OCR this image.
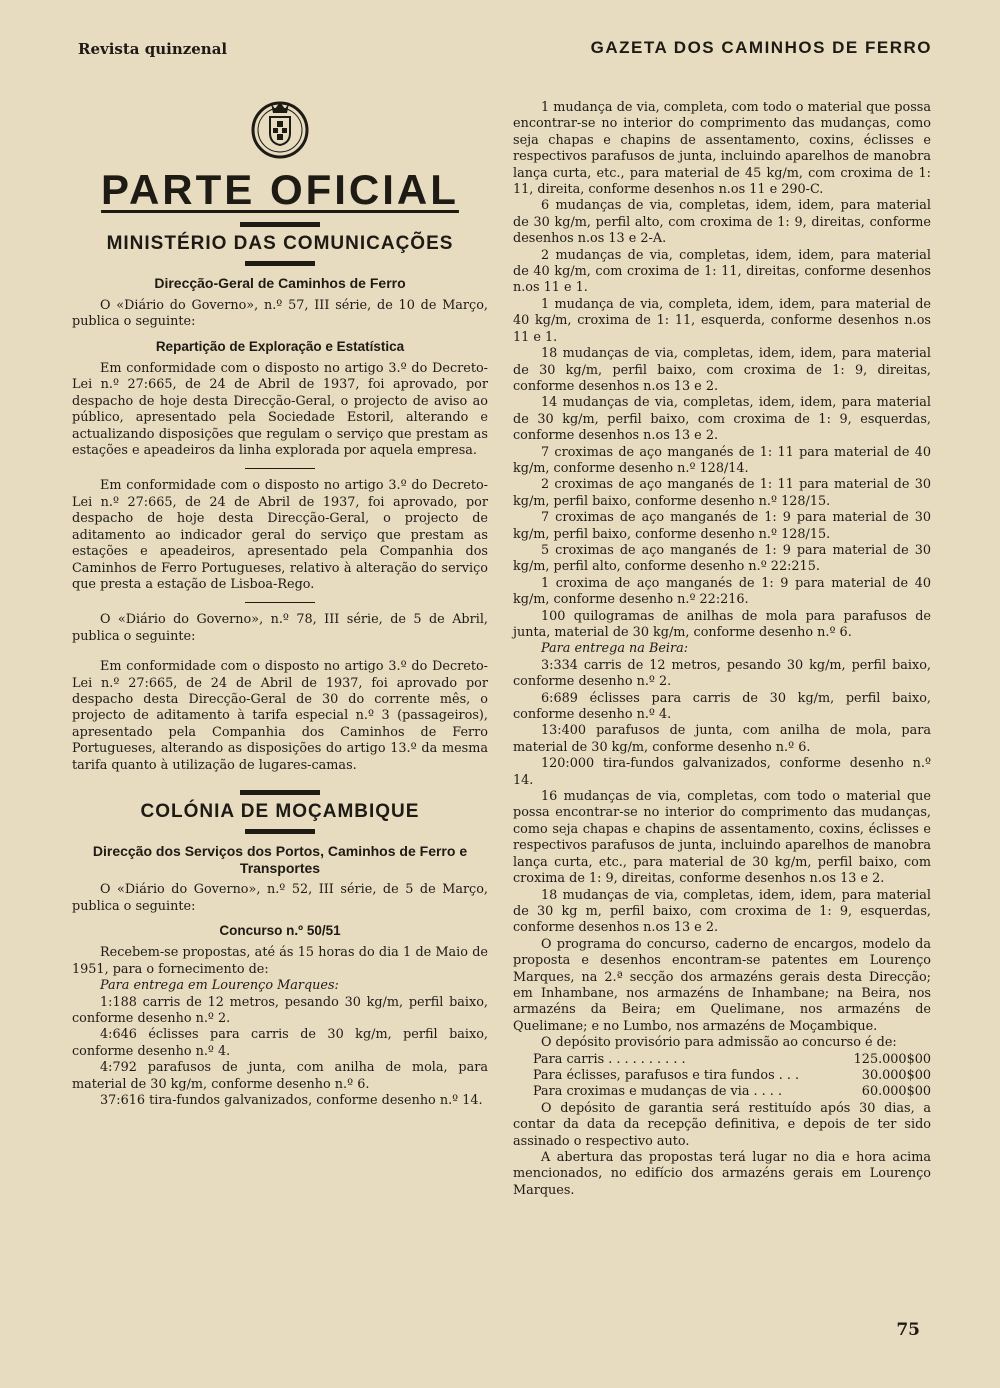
Revista quinzenal	GAZETA DOS CAMINHOS DE FERRO
PARTE OFICIAL
MINISTÉRIO DAS COMUNICAÇÕES
Direcção-Geral de Caminhos de Ferro

O «Diário do Governo», n.º 57, III série, de 10 de Março, publica o seguinte:

Repartição de Exploração e Estatística

Em conformidade com o disposto no artigo 3.º do Decreto-Lei n.º 27:665, de 24 de Abril de 1937, foi aprovado, por despacho de hoje desta Direcção-Geral, o projecto de aviso ao público, apresentado pela Sociedade Estoril, alterando e actualizando disposições que regulam o serviço que prestam as estações e apeadeiros da linha explorada por aquela empresa.

Em conformidade com o disposto no artigo 3.º do Decreto-Lei n.º 27:665, de 24 de Abril de 1937, foi aprovado, por despacho de hoje desta Direcção-Geral, o projecto de aditamento ao indicador geral do serviço que prestam as estações e apeadeiros, apresentado pela Companhia dos Caminhos de Ferro Portugueses, relativo à alteração do serviço que presta a estação de Lisboa-Rego.

O «Diário do Governo», n.º 78, III série, de 5 de Abril, publica o seguinte:

Em conformidade com o disposto no artigo 3.º do Decreto-Lei n.º 27:665, de 24 de Abril de 1937, foi aprovado por despacho desta Direcção-Geral de 30 do corrente mês, o projecto de aditamento à tarifa especial n.º 3 (passageiros), apresentado pela Companhia dos Caminhos de Ferro Portugueses, alterando as disposições do artigo 13.º da mesma tarifa quanto à utilização de lugares-camas.

COLÓNIA DE MOÇAMBIQUE
Direcção dos Serviços dos Portos, Caminhos de Ferro e Transportes

O «Diário do Governo», n.º 52, III série, de 5 de Março, publica o seguinte:

Concurso n.º 50/51

Recebem-se propostas, até ás 15 horas do dia 1 de Maio de 1951, para o fornecimento de:

Para entrega em Lourenço Marques:

1:188 carris de 12 metros, pesando 30 kg/m, perfil baixo, conforme desenho n.º 2.

4:646 éclisses para carris de 30 kg/m, perfil baixo, conforme desenho n.º 4.

4:792 parafusos de junta, com anilha de mola, para material de 30 kg/m, conforme desenho n.º 6.

37:616 tira-fundos galvanizados, conforme desenho n.º 14.

1 mudança de via, completa, com todo o material que possa encontrar-se no interior do comprimento das mudanças, como seja chapas e chapins de assentamento, coxins, éclisses e respectivos parafusos de junta, incluindo aparelhos de manobra lança curta, etc., para material de 45 kg/m, com croxima de 1: 11, direita, conforme desenhos n.os 11 e 290-C.

6 mudanças de via, completas, idem, idem, para material de 30 kg/m, perfil alto, com croxima de 1: 9, direitas, conforme desenhos n.os 13 e 2-A.

2 mudanças de via, completas, idem, idem, para material de 40 kg/m, com croxima de 1: 11, direitas, conforme desenhos n.os 11 e 1.

1 mudança de via, completa, idem, idem, para material de 40 kg/m, croxima de 1: 11, esquerda, conforme desenhos n.os 11 e 1.

18 mudanças de via, completas, idem, idem, para material de 30 kg/m, perfil baixo, com croxima de 1: 9, direitas, conforme desenhos n.os 13 e 2.

14 mudanças de via, completas, idem, idem, para material de 30 kg/m, perfil baixo, com croxima de 1: 9, esquerdas, conforme desenhos n.os 13 e 2.

7 croximas de aço manganés de 1: 11 para material de 40 kg/m, conforme desenho n.º 128/14.

2 croximas de aço manganés de 1: 11 para material de 30 kg/m, perfil baixo, conforme desenho n.º 128/15.

7 croximas de aço manganés de 1: 9 para material de 30 kg/m, perfil baixo, conforme desenho n.º 128/15.

5 croximas de aço manganés de 1: 9 para material de 30 kg/m, perfil alto, conforme desenho n.º 22:215.

1 croxima de aço manganés de 1: 9 para material de 40 kg/m, conforme desenho n.º 22:216.

100 quilogramas de anilhas de mola para parafusos de junta, material de 30 kg/m, conforme desenho n.º 6.

Para entrega na Beira:

3:334 carris de 12 metros, pesando 30 kg/m, perfil baixo, conforme desenho n.º 2.

6:689 éclisses para carris de 30 kg/m, perfil baixo, conforme desenho n.º 4.

13:400 parafusos de junta, com anilha de mola, para material de 30 kg/m, conforme desenho n.º 6.

120:000 tira-fundos galvanizados, conforme desenho n.º 14.

16 mudanças de via, completas, com todo o material que possa encontrar-se no interior do comprimento das mudanças, como seja chapas e chapins de assentamento, coxins, éclisses e respectivos parafusos de junta, incluindo aparelhos de manobra lança curta, etc., para material de 30 kg/m, perfil baixo, com croxima de 1: 9, direitas, conforme desenhos n.os 13 e 2.

18 mudanças de via, completas, idem, idem, para material de 30 kg m, perfil baixo, com croxima de 1: 9, esquerdas, conforme desenhos n.os 13 e 2.

O programa do concurso, caderno de encargos, modelo da proposta e desenhos encontram-se patentes em Lourenço Marques, na 2.ª secção dos armazéns gerais desta Direcção; em Inhambane, nos armazéns de Inhambane; na Beira, nos armazéns da Beira; em Quelimane, nos armazéns de Quelimane; e no Lumbo, nos armazéns de Moçambique.

O depósito provisório para admissão ao concurso é de:

Para carris . . . . . . . . . .	125.000$00
Para éclisses, parafusos e tira fundos . . .	30.000$00
Para croximas e mudanças de via . . . .	60.000$00

O depósito de garantia será restituído após 30 dias, a contar da data da recepção definitiva, e depois de ter sido assinado o respectivo auto.

A abertura das propostas terá lugar no dia e hora acima mencionados, no edifício dos armazéns gerais em Lourenço Marques.

75
